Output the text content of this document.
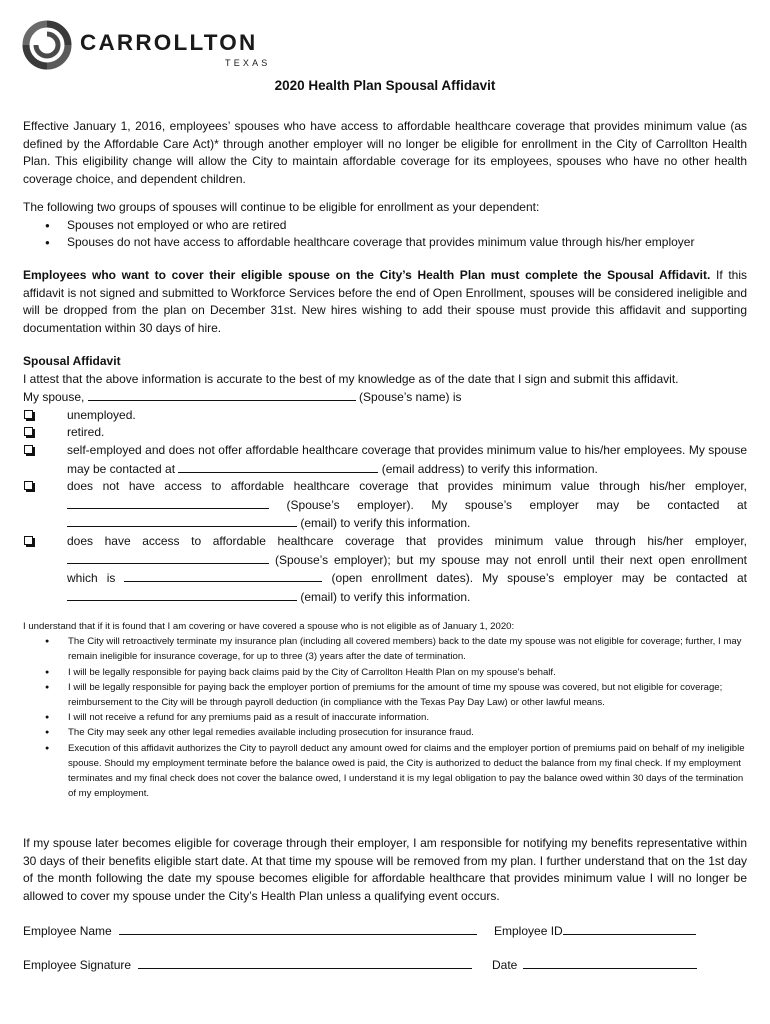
CARROLLTON
TEXAS
2020 Health Plan Spousal Affidavit

Effective January 1, 2016, employees’ spouses who have access to affordable healthcare coverage that provides minimum value (as defined by the Affordable Care Act)* through another employer will no longer be eligible for enrollment in the City of Carrollton Health Plan. This eligibility change will allow the City to maintain affordable coverage for its employees, spouses who have no other health coverage choice, and dependent children.

The following two groups of spouses will continue to be eligible for enrollment as your dependent:

● Spouses not employed or who are retired
● Spouses do not have access to affordable healthcare coverage that provides minimum value through his/her employer

Employees who want to cover their eligible spouse on the City’s Health Plan must complete the Spousal Affidavit. If this affidavit is not signed and submitted to Workforce Services before the end of Open Enrollment, spouses will be considered ineligible and will be dropped from the plan on December 31st. New hires wishing to add their spouse must provide this affidavit and supporting documentation within 30 days of hire.

Spousal Affidavit

I attest that the above information is accurate to the best of my knowledge as of the date that I sign and submit this affidavit.

My spouse,	(Spouse’s name) is

unemployed.
retired.
self-employed and does not offer affordable healthcare coverage that provides minimum value to his/her employees. My spouse may be contacted at	(email address) to verify this information.
does not have access to affordable healthcare coverage that provides minimum value through his/her employer,  (Spouse’s employer). My spouse’s employer may be contacted at  (email) to verify this information.
does have access to affordable healthcare coverage that provides minimum value through his/her employer,  (Spouse’s employer); but my spouse may not enroll until their next open enrollment which is	(open enrollment dates). My spouse’s employer may be contacted at  (email) to verify this information.

I understand that if it is found that I am covering or have covered a spouse who is not eligible as of January 1, 2020:

● The City will retroactively terminate my insurance plan (including all covered members) back to the date my spouse was not eligible for coverage; further, I may remain ineligible for insurance coverage, for up to three (3) years after the date of termination.
● I will be legally responsible for paying back claims paid by the City of Carrollton Health Plan on my spouse’s behalf.
● I will be legally responsible for paying back the employer portion of premiums for the amount of time my spouse was covered, but not eligible for coverage; reimbursement to the City will be through payroll deduction (in compliance with the Texas Pay Day Law) or other lawful means.
● I will not receive a refund for any premiums paid as a result of inaccurate information.
● The City may seek any other legal remedies available including prosecution for insurance fraud.
● Execution of this affidavit authorizes the City to payroll deduct any amount owed for claims and the employer portion of premiums paid on behalf of my ineligible spouse. Should my employment terminate before the balance owed is paid, the City is authorized to deduct the balance from my final check. If my employment terminates and my final check does not cover the balance owed, I understand it is my legal obligation to pay the balance owed within 30 days of the termination of my employment.

If my spouse later becomes eligible for coverage through their employer, I am responsible for notifying my benefits representative within 30 days of their benefits eligible start date. At that time my spouse will be removed from my plan. I further understand that on the 1st day of the month following the date my spouse becomes eligible for affordable healthcare that provides minimum value I will no longer be allowed to cover my spouse under the City’s Health Plan unless a qualifying event occurs.

Employee Name	Employee ID
Employee Signature	Date
